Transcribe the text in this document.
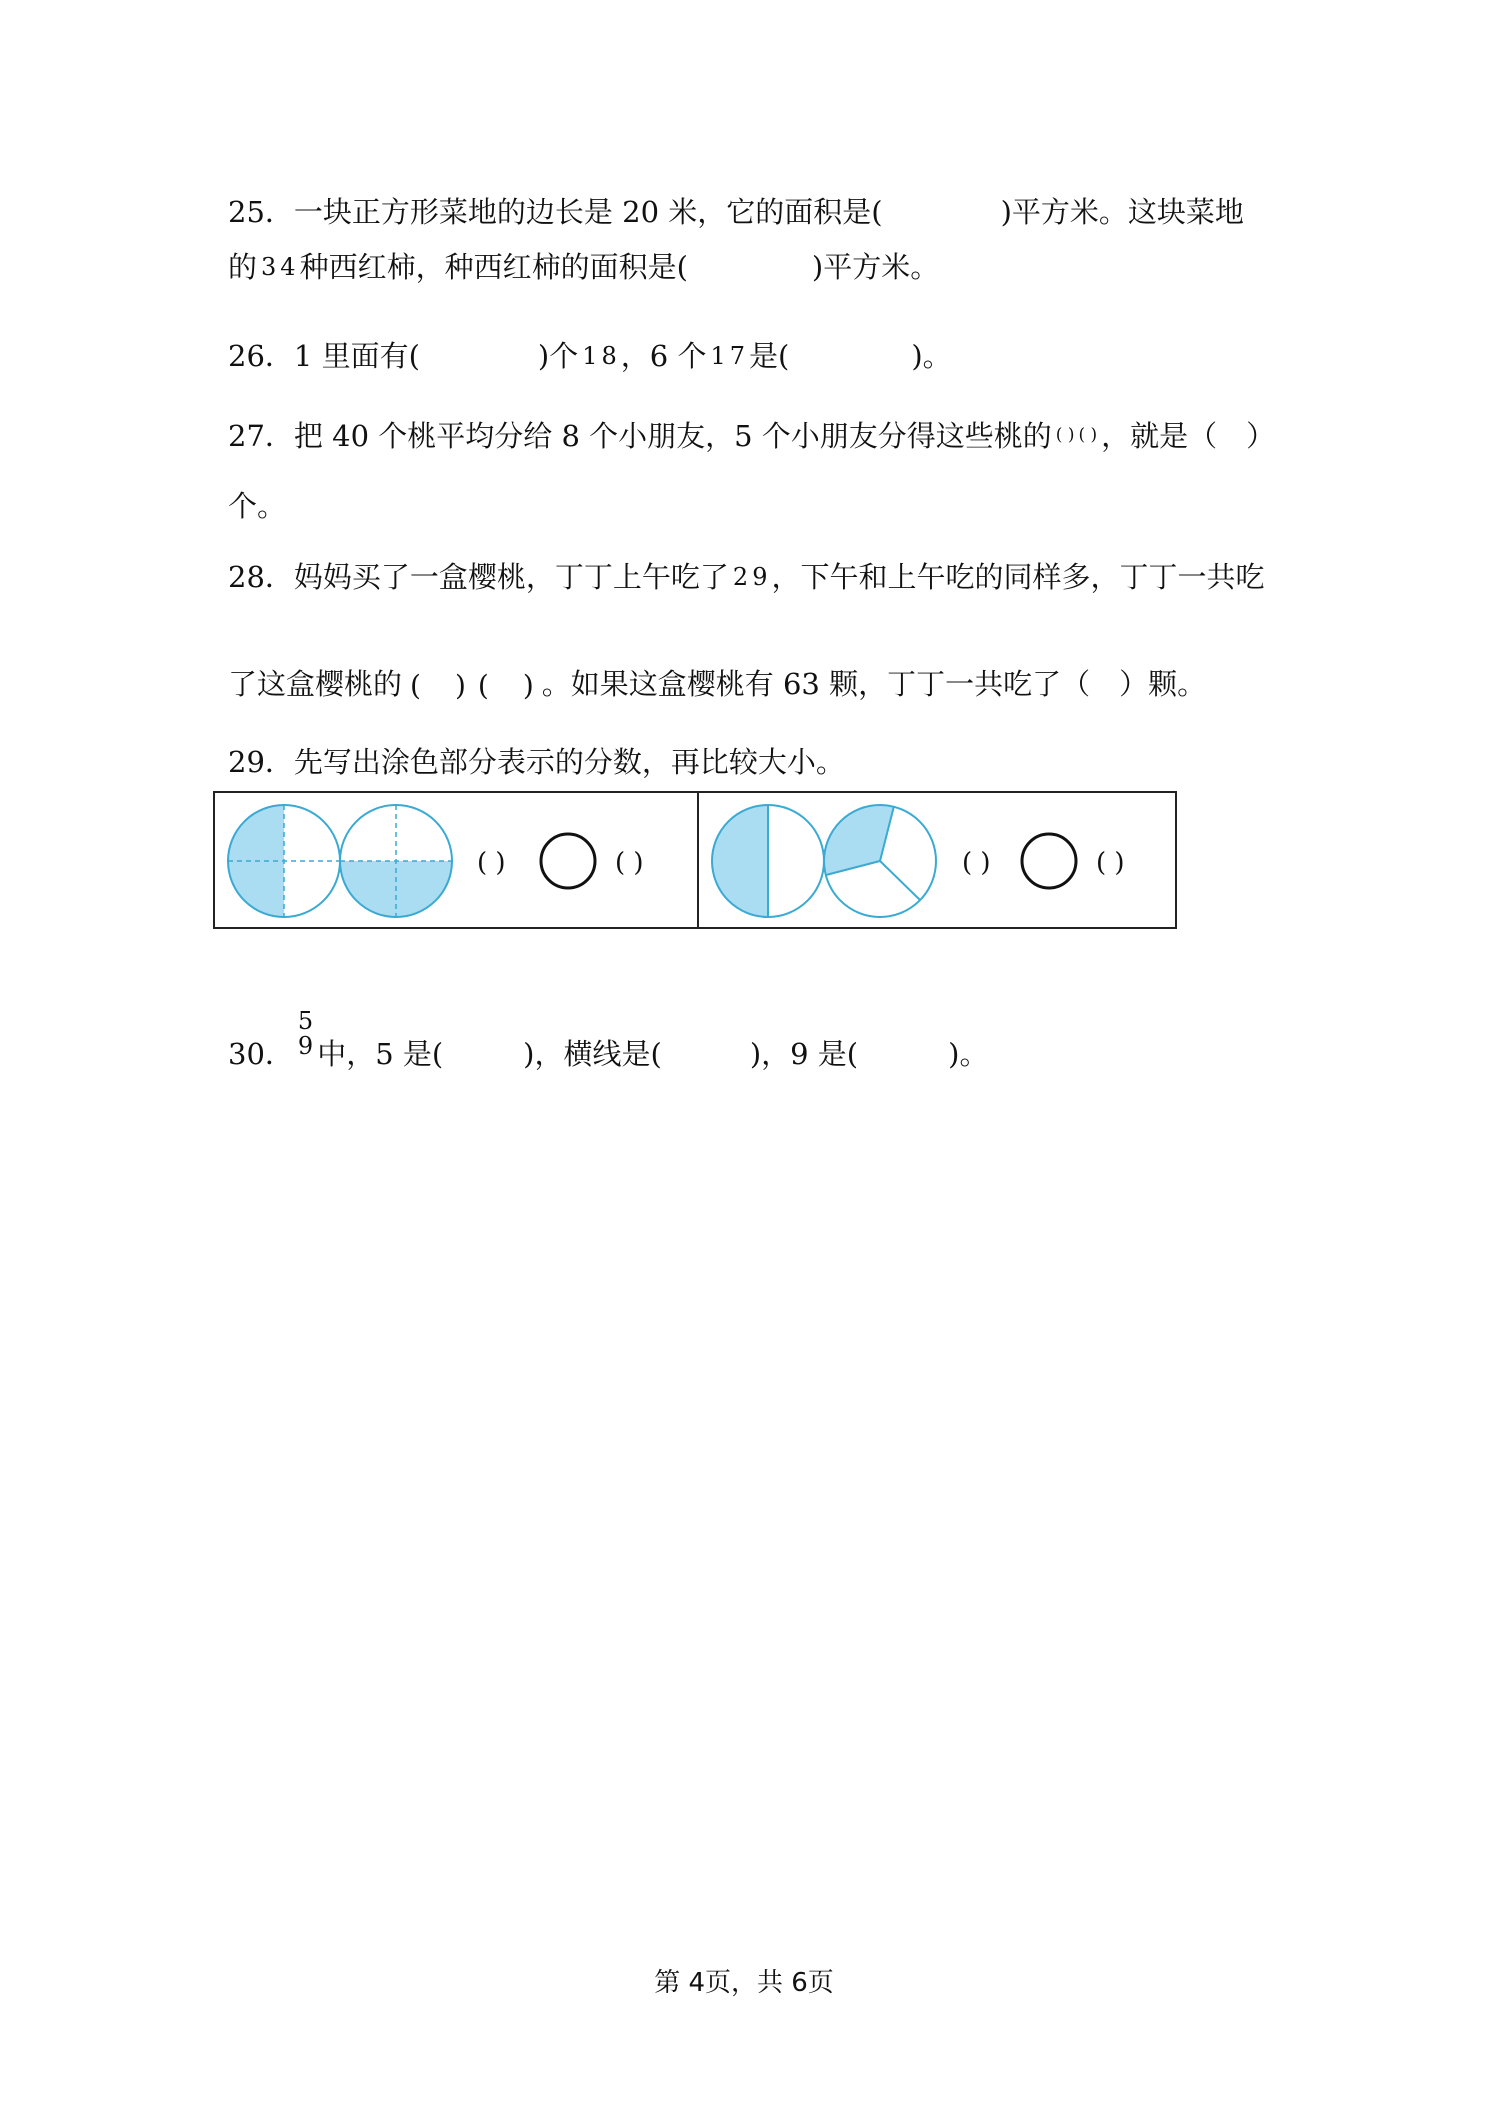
25．一块正方形菜地的边长是 20 米，它的面积是(	)平方米。这块菜地
的 3 4 种西红柿，种西红柿的面积是(	)平方米。
26．1 里面有(	)个 1 8 ，6 个 1 7 是(	)。
27．把 40 个桃平均分给 8 个小朋友，5 个小朋友分得这些桃的 ( ) ( ) ，就是（　）
个。
28．妈妈买了一盒樱桃，丁丁上午吃了 2 9 ，下午和上午吃的同样多，丁丁一共吃
了这盒樱桃的 ( ) ( ) 。如果这盒樱桃有 63 颗，丁丁一共吃了（　）颗。
29．先写出涂色部分表示的分数，再比较大小。
( )	( )	( )	( )
30．
5
9 中，5 是(	)，横线是(	)，9 是(	)。
第 4页，共 6页
